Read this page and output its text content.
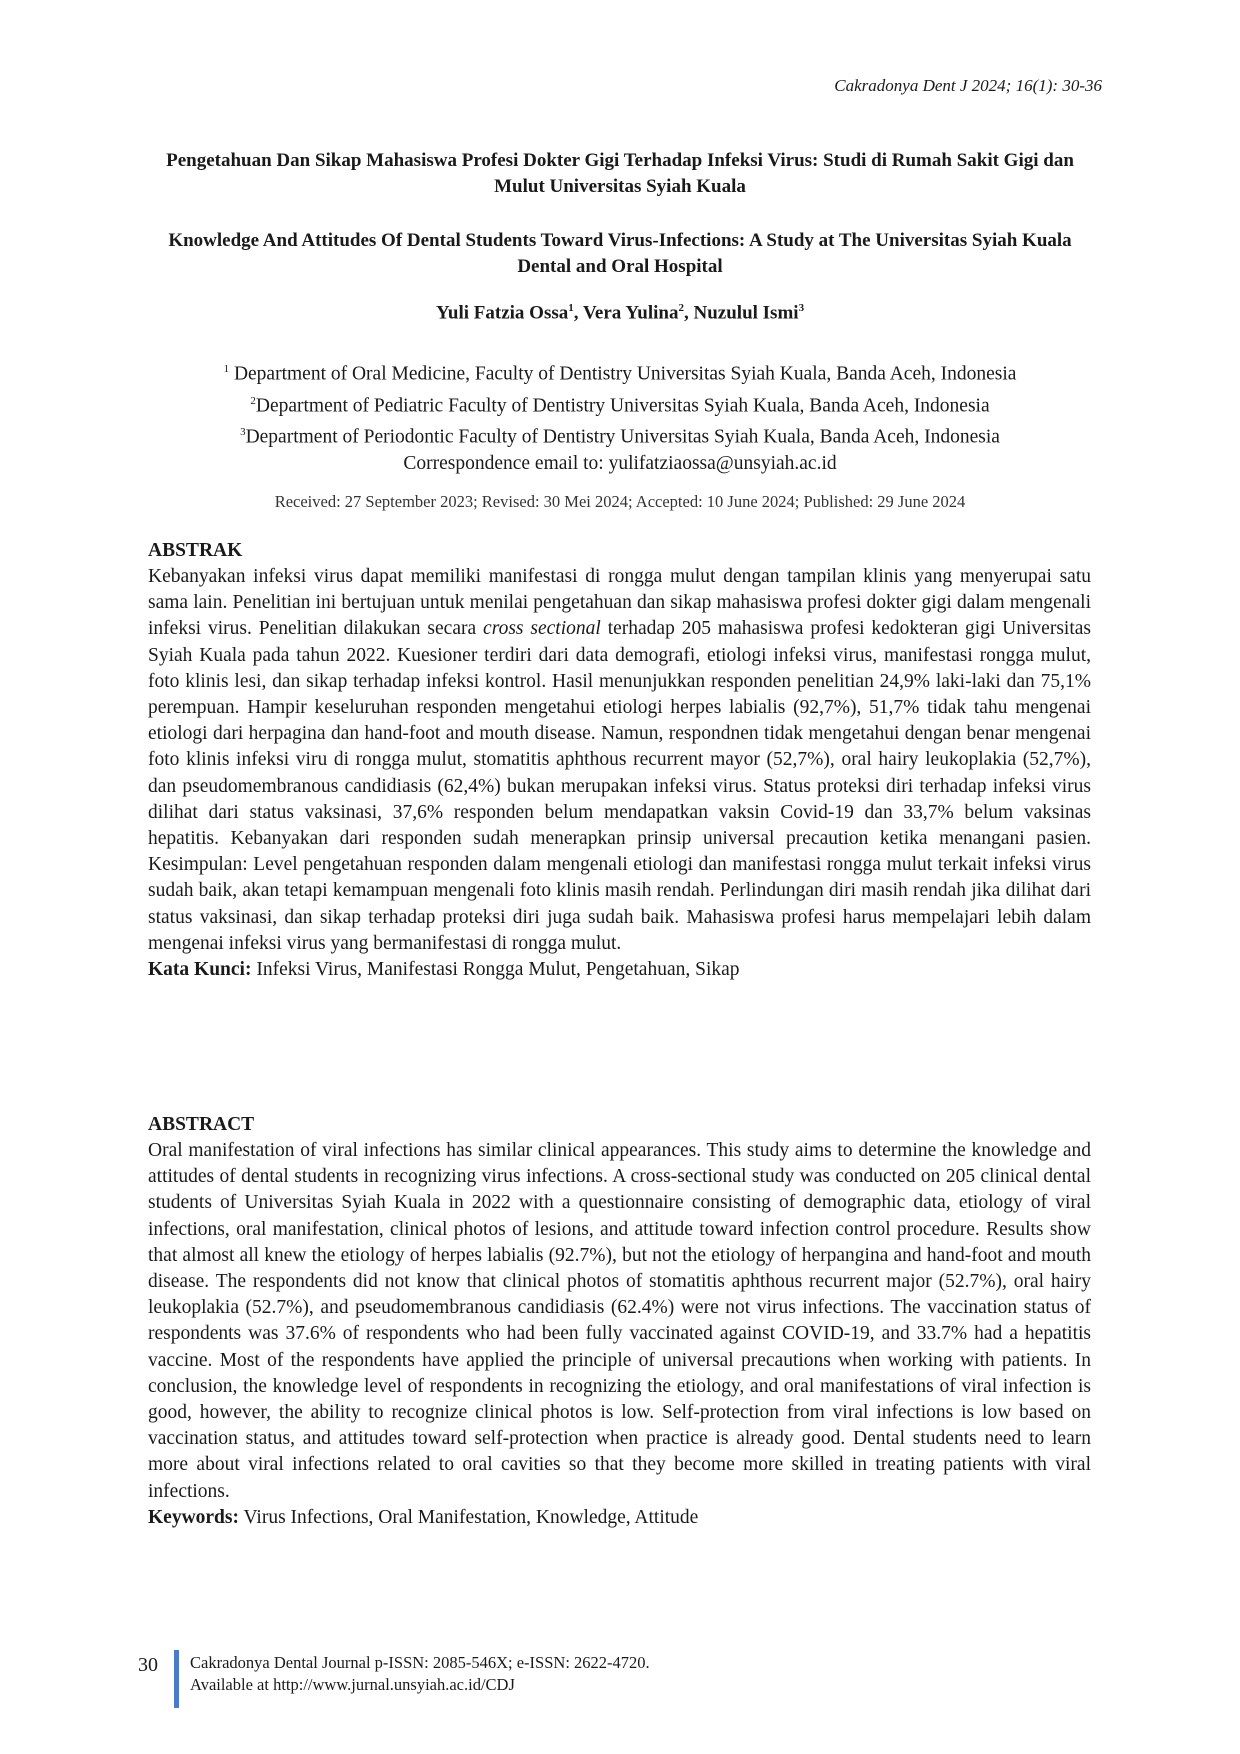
Cakradonya Dent J 2024; 16(1): 30-36
Pengetahuan Dan Sikap Mahasiswa Profesi Dokter Gigi Terhadap Infeksi Virus: Studi di Rumah Sakit Gigi dan Mulut Universitas Syiah Kuala
Knowledge And Attitudes Of Dental Students Toward Virus-Infections: A Study at The Universitas Syiah Kuala Dental and Oral Hospital
Yuli Fatzia Ossa$^1$, Vera Yulina$^2$, Nuzulul Ismi$^3$
$^1$ Department of Oral Medicine, Faculty of Dentistry Universitas Syiah Kuala, Banda Aceh, Indonesia
$^2$Department of Pediatric Faculty of Dentistry Universitas Syiah Kuala, Banda Aceh, Indonesia
$^3$Department of Periodontic Faculty of Dentistry Universitas Syiah Kuala, Banda Aceh, Indonesia
Correspondence email to: yulifatziaossa@unsyiah.ac.id
Received: 27 September 2023; Revised: 30 Mei 2024; Accepted: 10 June 2024; Published: 29 June 2024
ABSTRAK

Kebanyakan infeksi virus dapat memiliki manifestasi di rongga mulut dengan tampilan klinis yang menyerupai satu sama lain. Penelitian ini bertujuan untuk menilai pengetahuan dan sikap mahasiswa profesi dokter gigi dalam mengenali infeksi virus. Penelitian dilakukan secara cross sectional terhadap 205 mahasiswa profesi kedokteran gigi Universitas Syiah Kuala pada tahun 2022. Kuesioner terdiri dari data demografi, etiologi infeksi virus, manifestasi rongga mulut, foto klinis lesi, dan sikap terhadap infeksi kontrol. Hasil menunjukkan responden penelitian 24,9% laki-laki dan 75,1% perempuan. Hampir keseluruhan responden mengetahui etiologi herpes labialis (92,7%), 51,7% tidak tahu mengenai etiologi dari herpagina dan hand-foot and mouth disease. Namun, respondnen tidak mengetahui dengan benar mengenai foto klinis infeksi viru di rongga mulut, stomatitis aphthous recurrent mayor (52,7%), oral hairy leukoplakia (52,7%), dan pseudomembranous candidiasis (62,4%) bukan merupakan infeksi virus. Status proteksi diri terhadap infeksi virus dilihat dari status vaksinasi, 37,6% responden belum mendapatkan vaksin Covid-19 dan 33,7% belum vaksinas hepatitis. Kebanyakan dari responden sudah menerapkan prinsip universal precaution ketika menangani pasien. Kesimpulan: Level pengetahuan responden dalam mengenali etiologi dan manifestasi rongga mulut terkait infeksi virus sudah baik, akan tetapi kemampuan mengenali foto klinis masih rendah. Perlindungan diri masih rendah jika dilihat dari status vaksinasi, dan sikap terhadap proteksi diri juga sudah baik. Mahasiswa profesi harus mempelajari lebih dalam mengenai infeksi virus yang bermanifestasi di rongga mulut.

Kata Kunci: Infeksi Virus, Manifestasi Rongga Mulut, Pengetahuan, Sikap
ABSTRACT

Oral manifestation of viral infections has similar clinical appearances. This study aims to determine the knowledge and attitudes of dental students in recognizing virus infections. A cross-sectional study was conducted on 205 clinical dental students of Universitas Syiah Kuala in 2022 with a questionnaire consisting of demographic data, etiology of viral infections, oral manifestation, clinical photos of lesions, and attitude toward infection control procedure. Results show that almost all knew the etiology of herpes labialis (92.7%), but not the etiology of herpangina and hand-foot and mouth disease. The respondents did not know that clinical photos of stomatitis aphthous recurrent major (52.7%), oral hairy leukoplakia (52.7%), and pseudomembranous candidiasis (62.4%) were not virus infections. The vaccination status of respondents was 37.6% of respondents who had been fully vaccinated against COVID-19, and 33.7% had a hepatitis vaccine. Most of the respondents have applied the principle of universal precautions when working with patients. In conclusion, the knowledge level of respondents in recognizing the etiology, and oral manifestations of viral infection is good, however, the ability to recognize clinical photos is low. Self-protection from viral infections is low based on vaccination status, and attitudes toward self-protection when practice is already good. Dental students need to learn more about viral infections related to oral cavities so that they become more skilled in treating patients with viral infections.

Keywords: Virus Infections, Oral Manifestation, Knowledge, Attitude
30 Cakradonya Dental Journal p-ISSN: 2085-546X; e-ISSN: 2622-4720.
Available at http://www.jurnal.unsyiah.ac.id/CDJ
